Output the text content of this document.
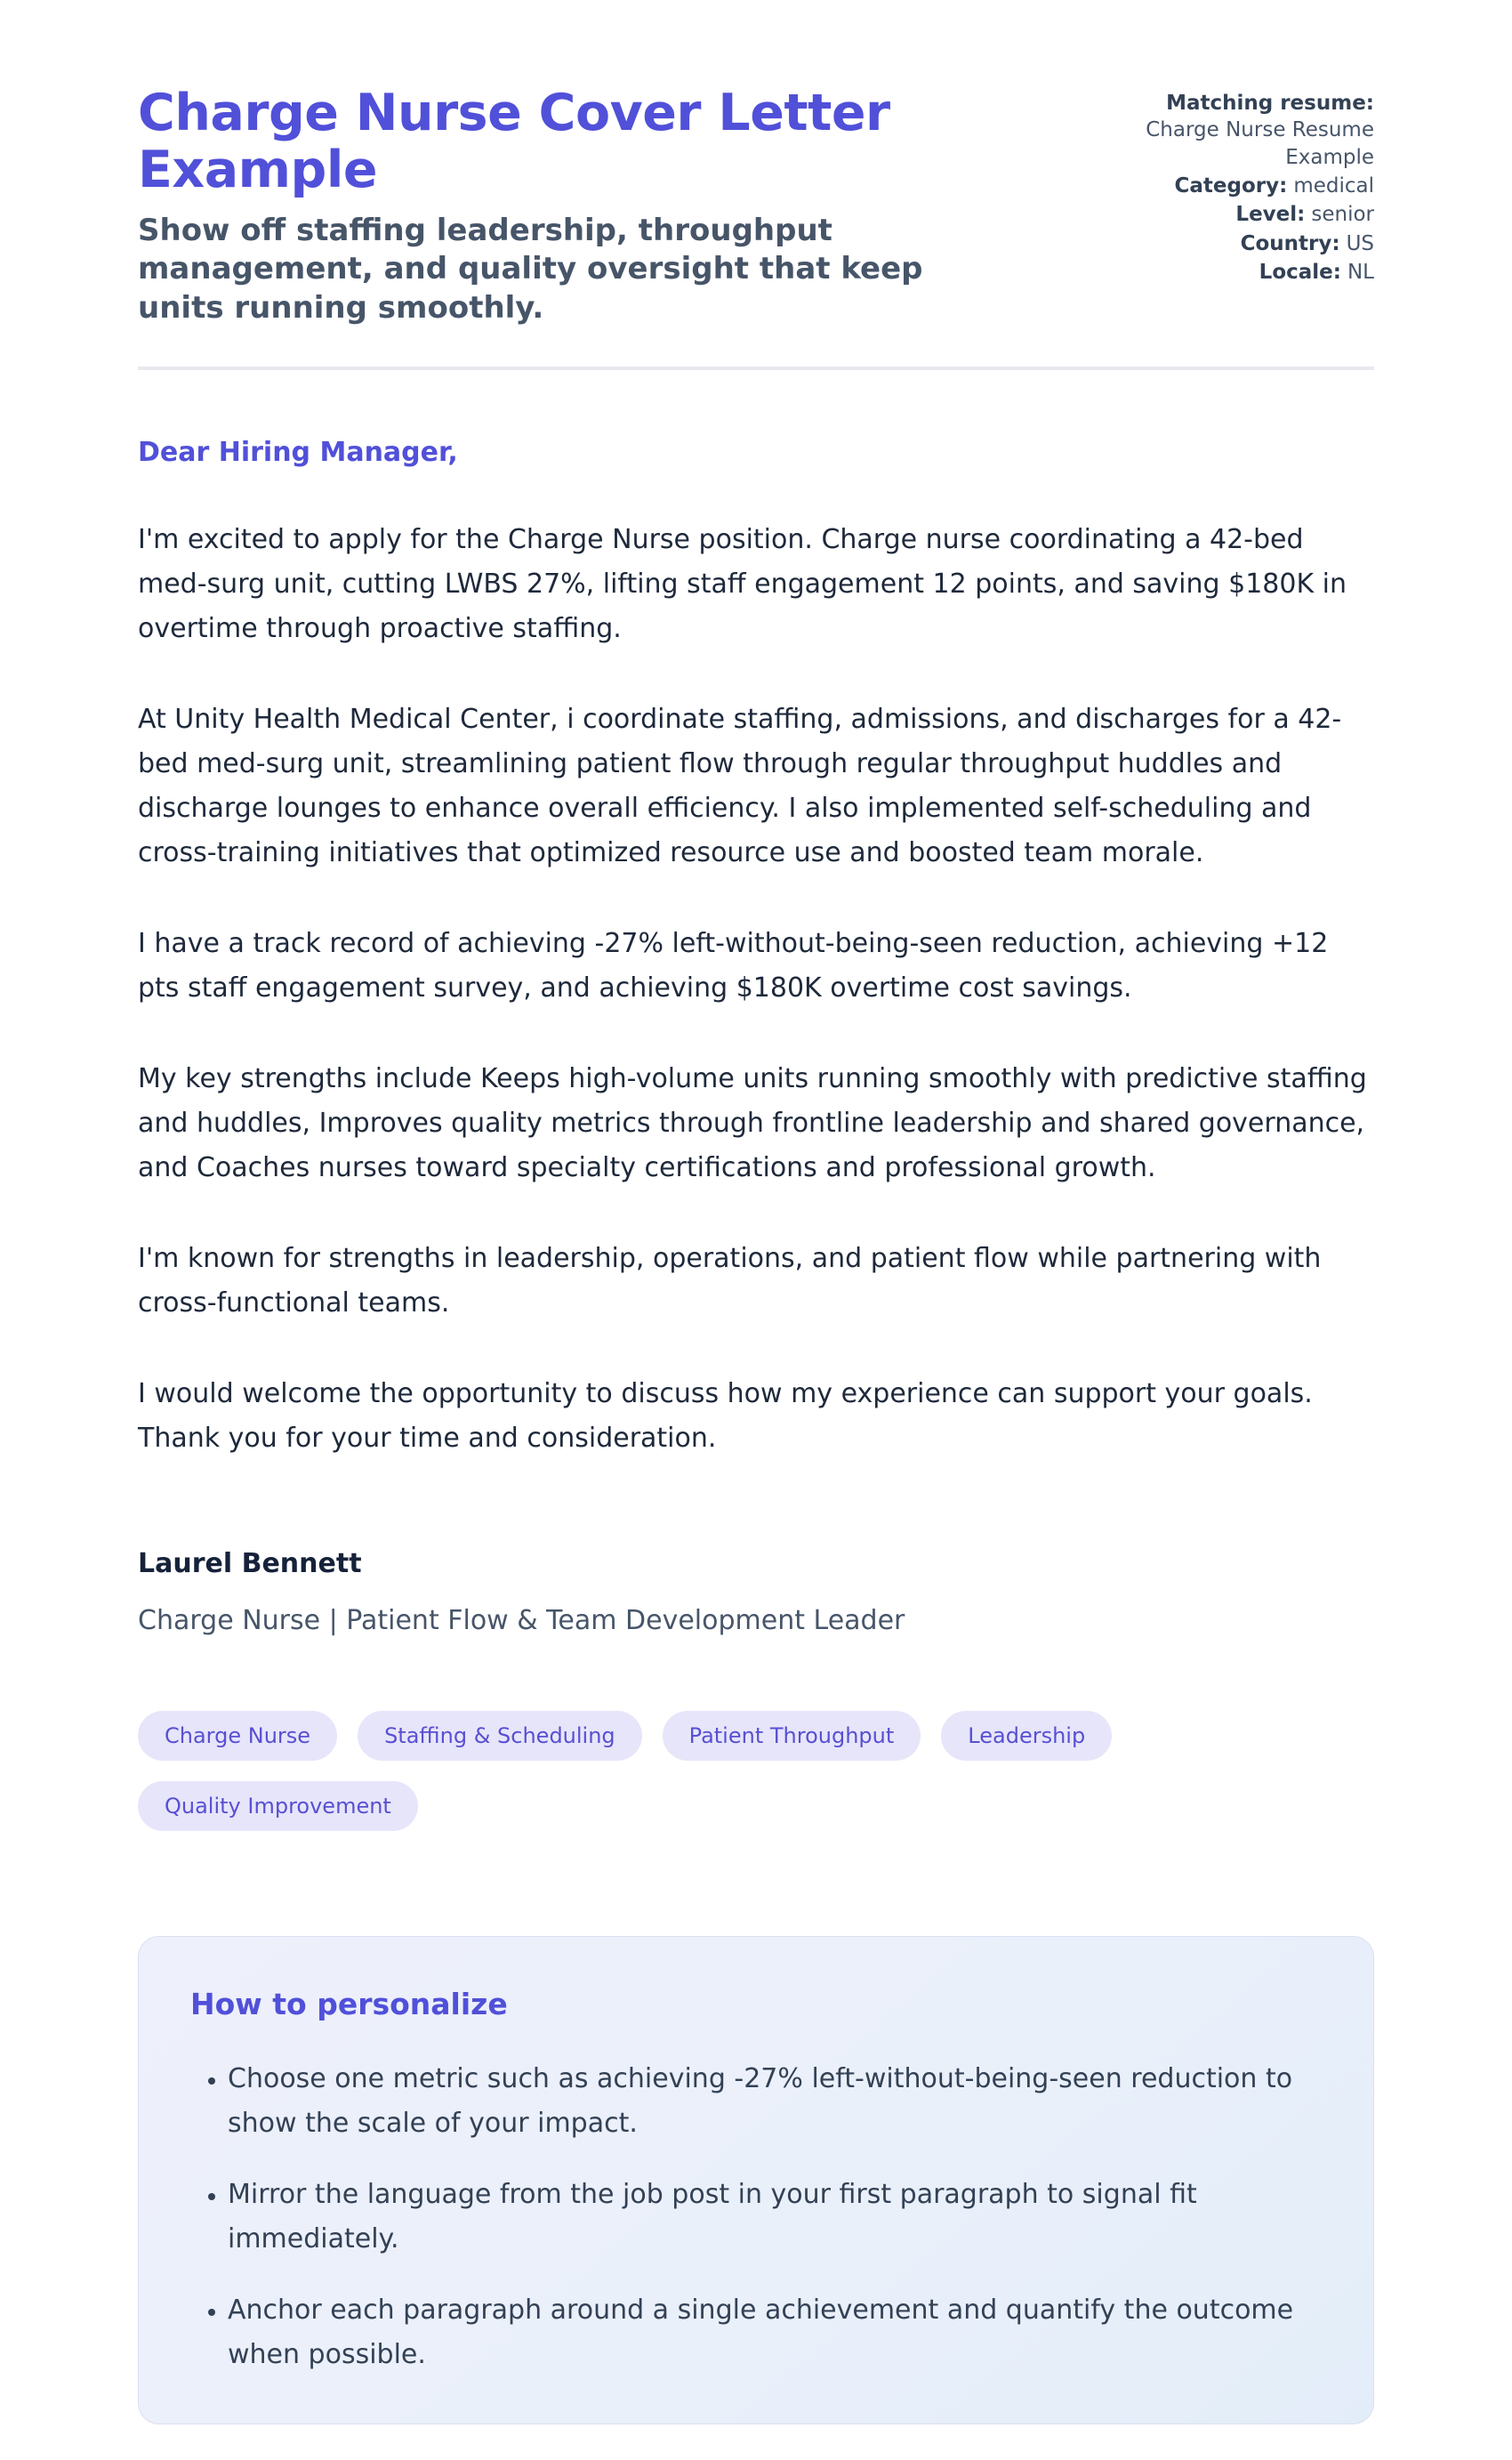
Charge Nurse Cover Letter Example
Show off staffing leadership, throughput management, and quality oversight that keep units running smoothly.
Matching resume:
Charge Nurse Resume Example
Category: medical
Level: senior
Country: US
Locale: NL
Dear Hiring Manager,

I'm excited to apply for the Charge Nurse position. Charge nurse coordinating a 42-bed med-surg unit, cutting LWBS 27%, lifting staff engagement 12 points, and saving $180K in overtime through proactive staffing.

At Unity Health Medical Center, i coordinate staffing, admissions, and discharges for a 42-bed med-surg unit, streamlining patient flow through regular throughput huddles and discharge lounges to enhance overall efficiency. I also implemented self-scheduling and cross-training initiatives that optimized resource use and boosted team morale.

I have a track record of achieving -27% left-without-being-seen reduction, achieving +12 pts staff engagement survey, and achieving $180K overtime cost savings.

My key strengths include Keeps high-volume units running smoothly with predictive staffing and huddles, Improves quality metrics through frontline leadership and shared governance, and Coaches nurses toward specialty certifications and professional growth.

I'm known for strengths in leadership, operations, and patient flow while partnering with cross-functional teams.

I would welcome the opportunity to discuss how my experience can support your goals. Thank you for your time and consideration.

Laurel Bennett
Charge Nurse | Patient Flow & Team Development Leader
Charge Nurse	Staffing & Scheduling	Patient Throughput	Leadership
Quality Improvement
How to personalize
• Choose one metric such as achieving -27% left-without-being-seen reduction to show the scale of your impact.
• Mirror the language from the job post in your first paragraph to signal fit immediately.
• Anchor each paragraph around a single achievement and quantify the outcome when possible.
